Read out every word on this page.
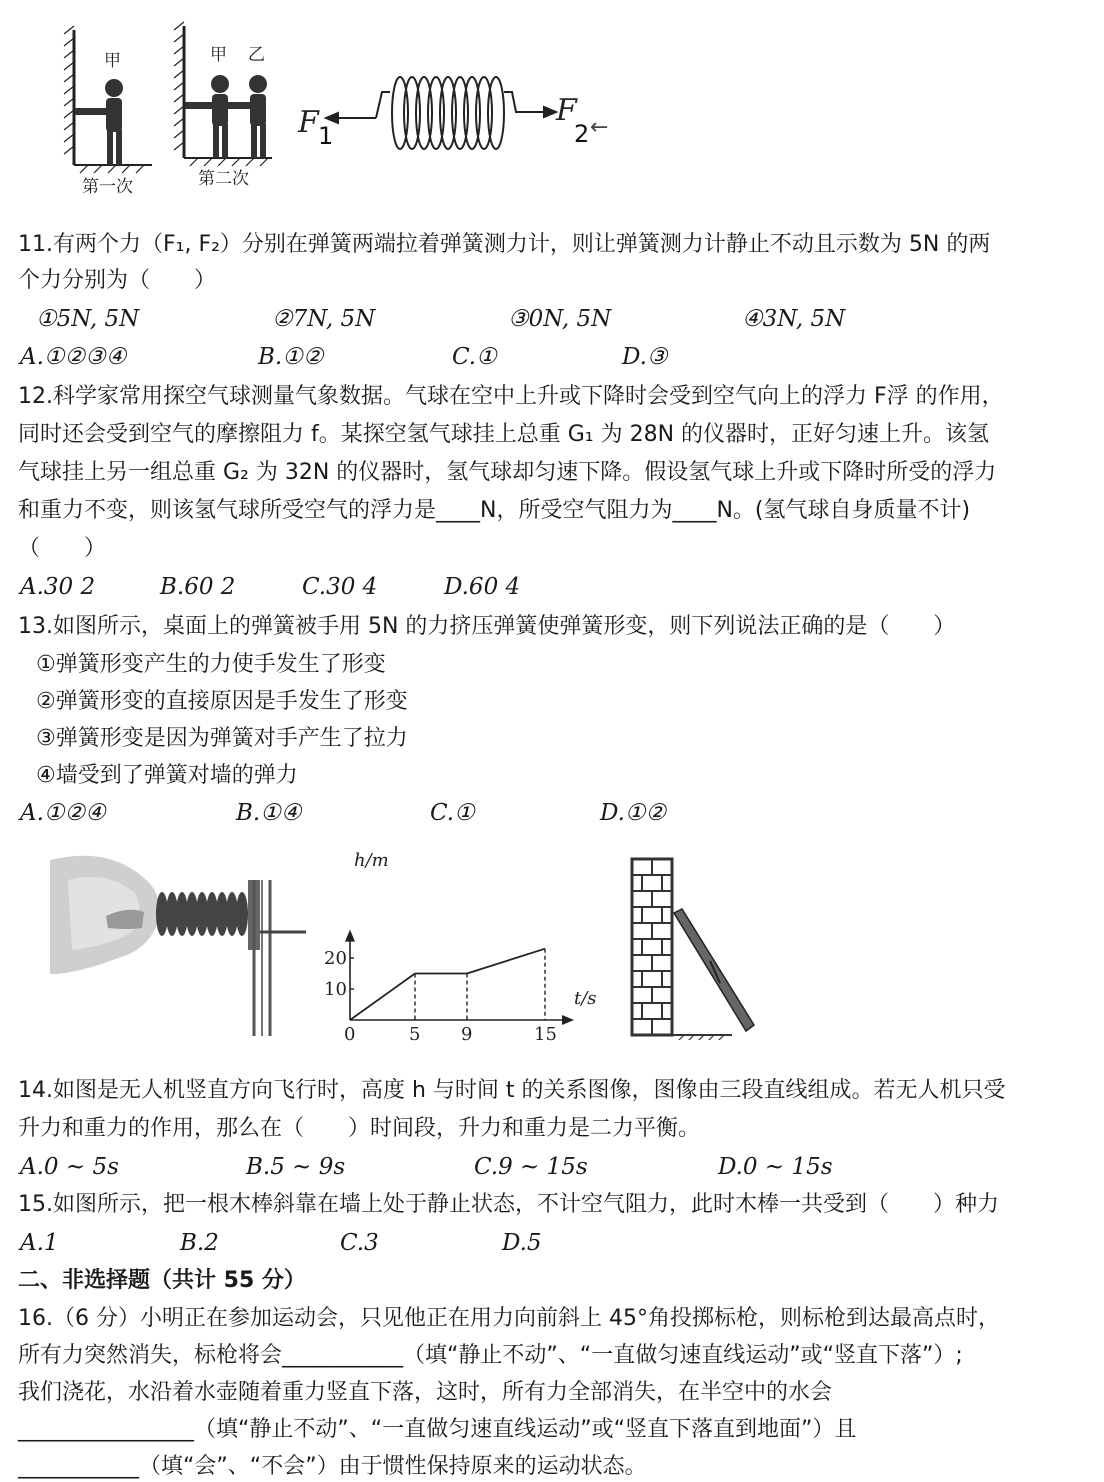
甲
第一次
甲 乙
第二次
F 1
F
2 ←
11.有两个力（F₁, F₂）分别在弹簧两端拉着弹簧测力计，则让弹簧测力计静止不动且示数为 5N 的两
个力分别为（　　）
①5N, 5N	②7N, 5N	③0N, 5N	④3N, 5N
A.①②③④	B.①②	C.①	D.③
12.科学家常用探空气球测量气象数据。气球在空中上升或下降时会受到空气向上的浮力 F浮 的作用，
同时还会受到空气的摩擦阻力 f。某探空氢气球挂上总重 G₁ 为 28N 的仪器时，正好匀速上升。该氢
气球挂上另一组总重 G₂ 为 32N 的仪器时，氢气球却匀速下降。假设氢气球上升或下降时所受的浮力
和重力不变，则该氢气球所受空气的浮力是____N，所受空气阻力为____N。(氢气球自身质量不计)
（　　）
A.30 2	B.60 2	C.30 4	D.60 4
13.如图所示，桌面上的弹簧被手用 5N 的力挤压弹簧使弹簧形变，则下列说法正确的是（　　）
①弹簧形变产生的力使手发生了形变
②弹簧形变的直接原因是手发生了形变
③弹簧形变是因为弹簧对手产生了拉力
④墙受到了弹簧对墙的弹力
A.①②④	B.①④	C.①	D.①②
h/m
t/s
0
20
10
5 9	15
14.如图是无人机竖直方向飞行时，高度 h 与时间 t 的关系图像，图像由三段直线组成。若无人机只受
升力和重力的作用，那么在（　　）时间段，升力和重力是二力平衡。
A.0 ~ 5s	B.5 ~ 9s	C.9 ~ 15s	D.0 ~ 15s
15.如图所示，把一根木棒斜靠在墙上处于静止状态，不计空气阻力，此时木棒一共受到（　　）种力
A.1	B.2	C.3	D.5
二、非选择题（共计 55 分）
16.（6 分）小明正在参加运动会，只见他正在用力向前斜上 45°角投掷标枪，则标枪到达最高点时，
所有力突然消失，标枪将会___________（填“静止不动”、“一直做匀速直线运动”或“竖直下落”）;
我们浇花，水沿着水壶随着重力竖直下落，这时，所有力全部消失，在半空中的水会
________________（填“静止不动”、“一直做匀速直线运动”或“竖直下落直到地面”）且
___________（填“会”、“不会”）由于惯性保持原来的运动状态。
